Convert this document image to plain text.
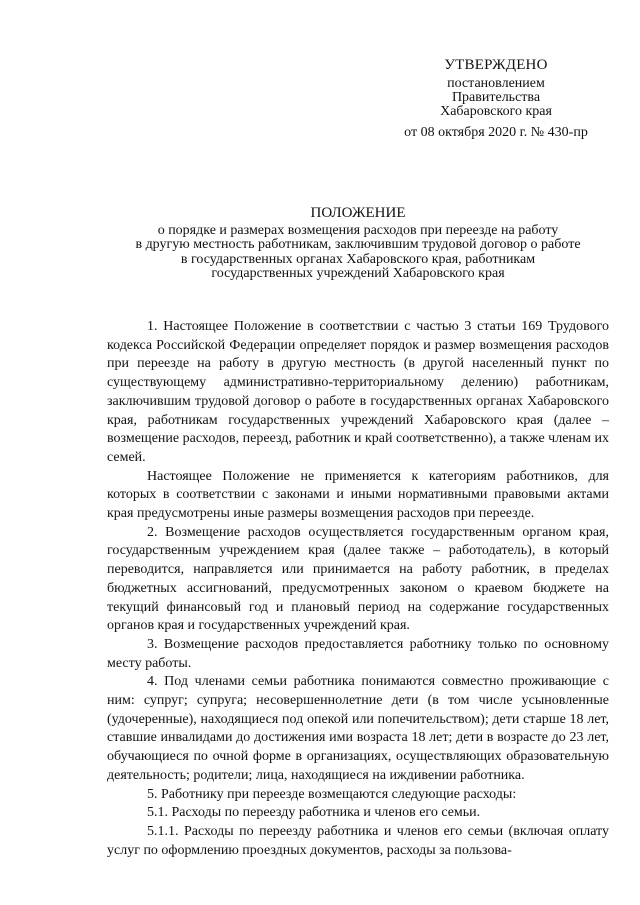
УТВЕРЖДЕНО
постановлением
Правительства
Хабаровского края
от 08 октября 2020 г. № 430-пр
ПОЛОЖЕНИЕ
о порядке и размерах возмещения расходов при переезде на работу
в другую местность работникам, заключившим трудовой договор о работе
в государственных органах Хабаровского края, работникам
государственных учреждений Хабаровского края

1. Настоящее Положение в соответствии с частью 3 статьи 169 Трудового кодекса Российской Федерации определяет порядок и размер возмещения расходов при переезде на работу в другую местность (в другой населенный пункт по существующему административно-территориальному делению) работникам, заключившим трудовой договор о работе в государственных органах Хабаровского края, работникам государственных учреждений Хабаровского края (далее – возмещение расходов, переезд, работник и край соответственно), а также членам их семей.

Настоящее Положение не применяется к категориям работников, для которых в соответствии с законами и иными нормативными правовыми актами края предусмотрены иные размеры возмещения расходов при переезде.

2. Возмещение расходов осуществляется государственным органом края, государственным учреждением края (далее также – работодатель), в который переводится, направляется или принимается на работу работник, в пределах бюджетных ассигнований, предусмотренных законом о краевом бюджете на текущий финансовый год и плановый период на содержание государственных органов края и государственных учреждений края.

3. Возмещение расходов предоставляется работнику только по основному месту работы.

4. Под членами семьи работника понимаются совместно проживающие с ним: супруг; супруга; несовершеннолетние дети (в том числе усыновленные (удочеренные), находящиеся под опекой или попечительством); дети старше 18 лет, ставшие инвалидами до достижения ими возраста 18 лет; дети в возрасте до 23 лет, обучающиеся по очной форме в организациях, осуществляющих образовательную деятельность; родители; лица, находящиеся на иждивении работника.

5. Работнику при переезде возмещаются следующие расходы:

5.1. Расходы по переезду работника и членов его семьи.

5.1.1. Расходы по переезду работника и членов его семьи (включая оплату услуг по оформлению проездных документов, расходы за пользова-
